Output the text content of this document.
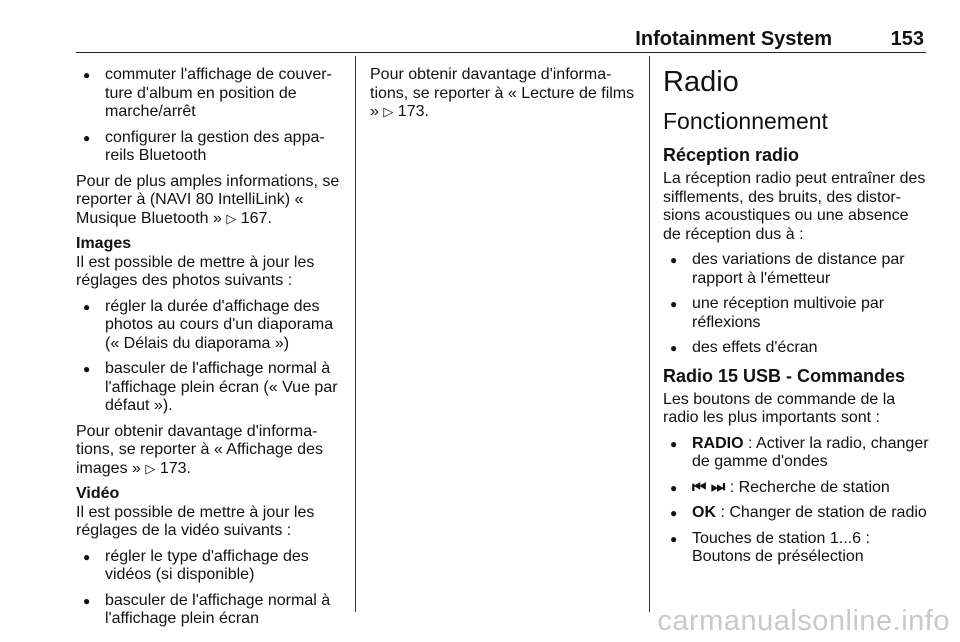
Infotainment System	153
● commuter l'affichage de couver-ture d'album en position de marche/arrêt
● configurer la gestion des appa-reils Bluetooth

Pour de plus amples informations, se reporter à (NAVI 80 IntelliLink) « Musique Bluetooth » ▷ 167.

Images

Il est possible de mettre à jour les réglages des photos suivants :

● régler la durée d'affichage des photos au cours d'un diaporama (« Délais du diaporama »)
● basculer de l'affichage normal à l'affichage plein écran (« Vue par défaut »).

Pour obtenir davantage d'informa-tions, se reporter à « Affichage des images » ▷ 173.

Vidéo

Il est possible de mettre à jour les réglages de la vidéo suivants :

● régler le type d'affichage des vidéos (si disponible)
● basculer de l'affichage normal à l'affichage plein écran

Pour obtenir davantage d'informa-tions, se reporter à « Lecture de films » ▷ 173.

Radio
Fonctionnement
Réception radio

La réception radio peut entraîner des sifflements, des bruits, des distor-sions acoustiques ou une absence de réception dus à :

● des variations de distance par rapport à l'émetteur
● une réception multivoie par réflexions
● des effets d'écran
Radio 15 USB - Commandes

Les boutons de commande de la radio les plus importants sont :

● RADIO : Activer la radio, changer de gamme d'ondes
● ⏮ ⏭ : Recherche de station
● OK : Changer de station de radio
● Touches de station 1...6 : Boutons de présélection
carmanualsonline.info
